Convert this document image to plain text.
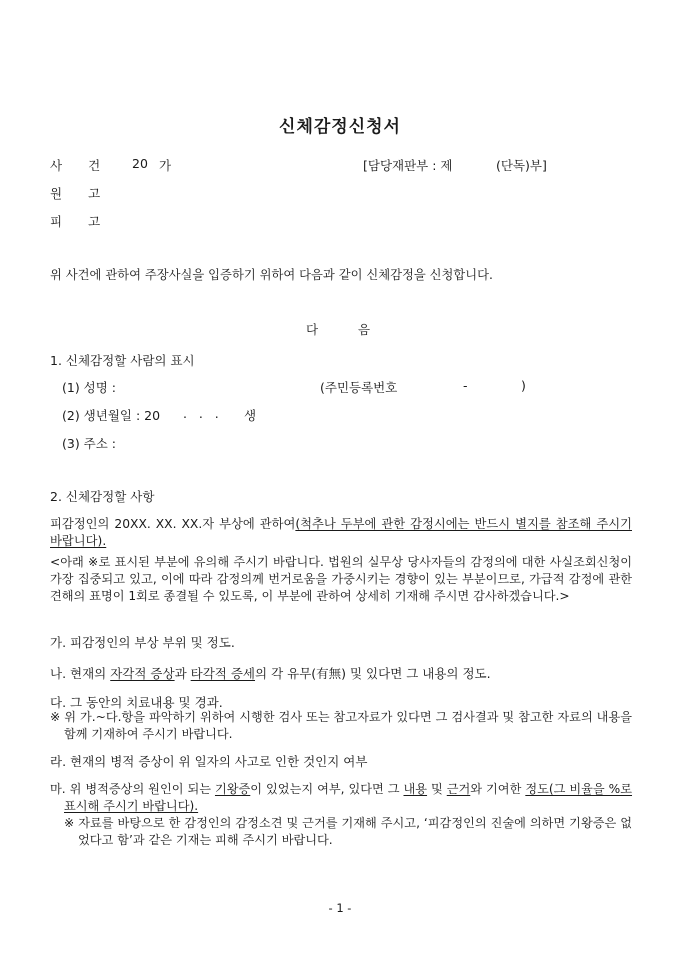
신체감정신청서
사 건	20 가	[담당재판부 : 제	(단독)부]
원 고
피 고
위 사건에 관하여 주장사실을 입증하기 위하여 다음과 같이 신체감정을 신청합니다.
다	음
1. 신체감정할 사람의 표시
(1) 성명 :	(주민등록번호	-	)
(2) 생년월일 : 20 .   .   . 생
(3) 주소 :
2. 신체감정할 사항
피감정인의 20XX. XX. XX.자 부상에 관하여(척추나 두부에 관한 감정시에는 반드시 별지를 참조해 주시기 바랍니다).
<아래 ※로 표시된 부분에 유의해 주시기 바랍니다. 법원의 실무상 당사자들의 감정의에 대한 사실조회신청이 가장 집중되고 있고, 이에 따라 감정의께 번거로움을 가중시키는 경향이 있는 부분이므로, 가급적 감정에 관한 견해의 표명이 1회로 종결될 수 있도록, 이 부분에 관하여 상세히 기재해 주시면 감사하겠습니다.>
가. 피감정인의 부상 부위 및 정도.
나. 현재의 자각적 증상과 타각적 증세의 각 유무(有無) 및 있다면 그 내용의 정도.
다. 그 동안의 치료내용 및 경과.
※ 위 가.~다.항을 파악하기 위하여 시행한 검사 또는 참고자료가 있다면 그 검사결과 및 참고한 자료의 내용을 함께 기재하여 주시기 바랍니다.
라. 현재의 병적 증상이 위 일자의 사고로 인한 것인지 여부
마. 위 병적증상의 원인이 되는 기왕증이 있었는지 여부, 있다면 그 내용 및 근거와 기여한 정도(그 비율을 %로 표시해 주시기 바랍니다).
※ 자료를 바탕으로 한 감정인의 감정소견 및 근거를 기재해 주시고, ‘피감정인의 진술에 의하면 기왕증은 없었다고 함’과 같은 기재는 피해 주시기 바랍니다.
- 1 -
